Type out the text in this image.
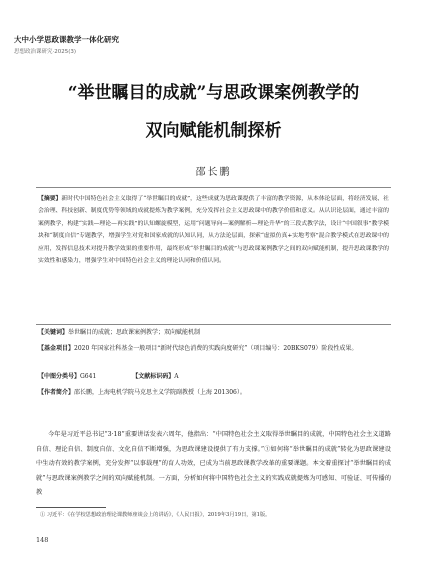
大中小学思政课教学一体化研究
思想政治课研究·2025(3)
“举世瞩目的成就”与思政课案例教学的
双向赋能机制探析
邵长鹏
【摘要】新时代中国特色社会主义取得了“举世瞩目的成就”，这些成就为思政课提供了丰富的教学资源，从本体论层面，将经济发展、社会治理、科技创新、制度优势等领域的成就提炼为教学案例，充分发挥社会主义思政课中的教学价值和意义。从认识论层面，通过丰富的案例教学，构建“实践—理论—再实践”的认知螺旋模型，运用“问题导向—案例解析—理论升华”的三段式教学法，设计“中国叙事”教学模块和“制度自信”专题教学，增强学生对党和国家成就的认知认同，从方法论层面，探索“虚拟仿真+实地考察”混合教学模式在思政课中的应用，发挥信息技术对提升教学效果的重要作用，最终形成“举世瞩目的成就”与思政课案例教学之间的双向赋能机制，提升思政课教学的实效性和感染力，增强学生对中国特色社会主义的理论认同和价值认同。
【关键词】举世瞩目的成就；思政课案例教学；双向赋能机制
【基金项目】2020 年国家社科基金一般项目“新时代绿色消费的实践向度研究”（项目编号：20BKS079）阶段性成果。
【中图分类号】G641	【文献标识码】A
【作者简介】邵长鹏，上海电机学院马克思主义学院副教授（上海 201306）。
今年是习近平总书记“3·18”重要讲话发表六周年，他指出：“中国特色社会主义取得举世瞩目的成就，中国特色社会主义道路自信、理论自信、制度自信、文化自信不断增强，为思政课建设提供了有力支撑。”①如何将“举世瞩目的成就”转化为思政课建设中生动有效的教学案例，充分发挥“以事载理”的育人功效，已成为当前思政课教学改革的重要课题。本文着重探讨“举世瞩目的成就”与思政课案例教学之间的双向赋能机制。一方面，分析如何将中国特色社会主义的实践成就提炼为可感知、可验证、可传播的教
① 习近平：《在学校思想政治理论课教师座谈会上的讲话》，《人民日报》，2019年3月19日，第1版。
148
